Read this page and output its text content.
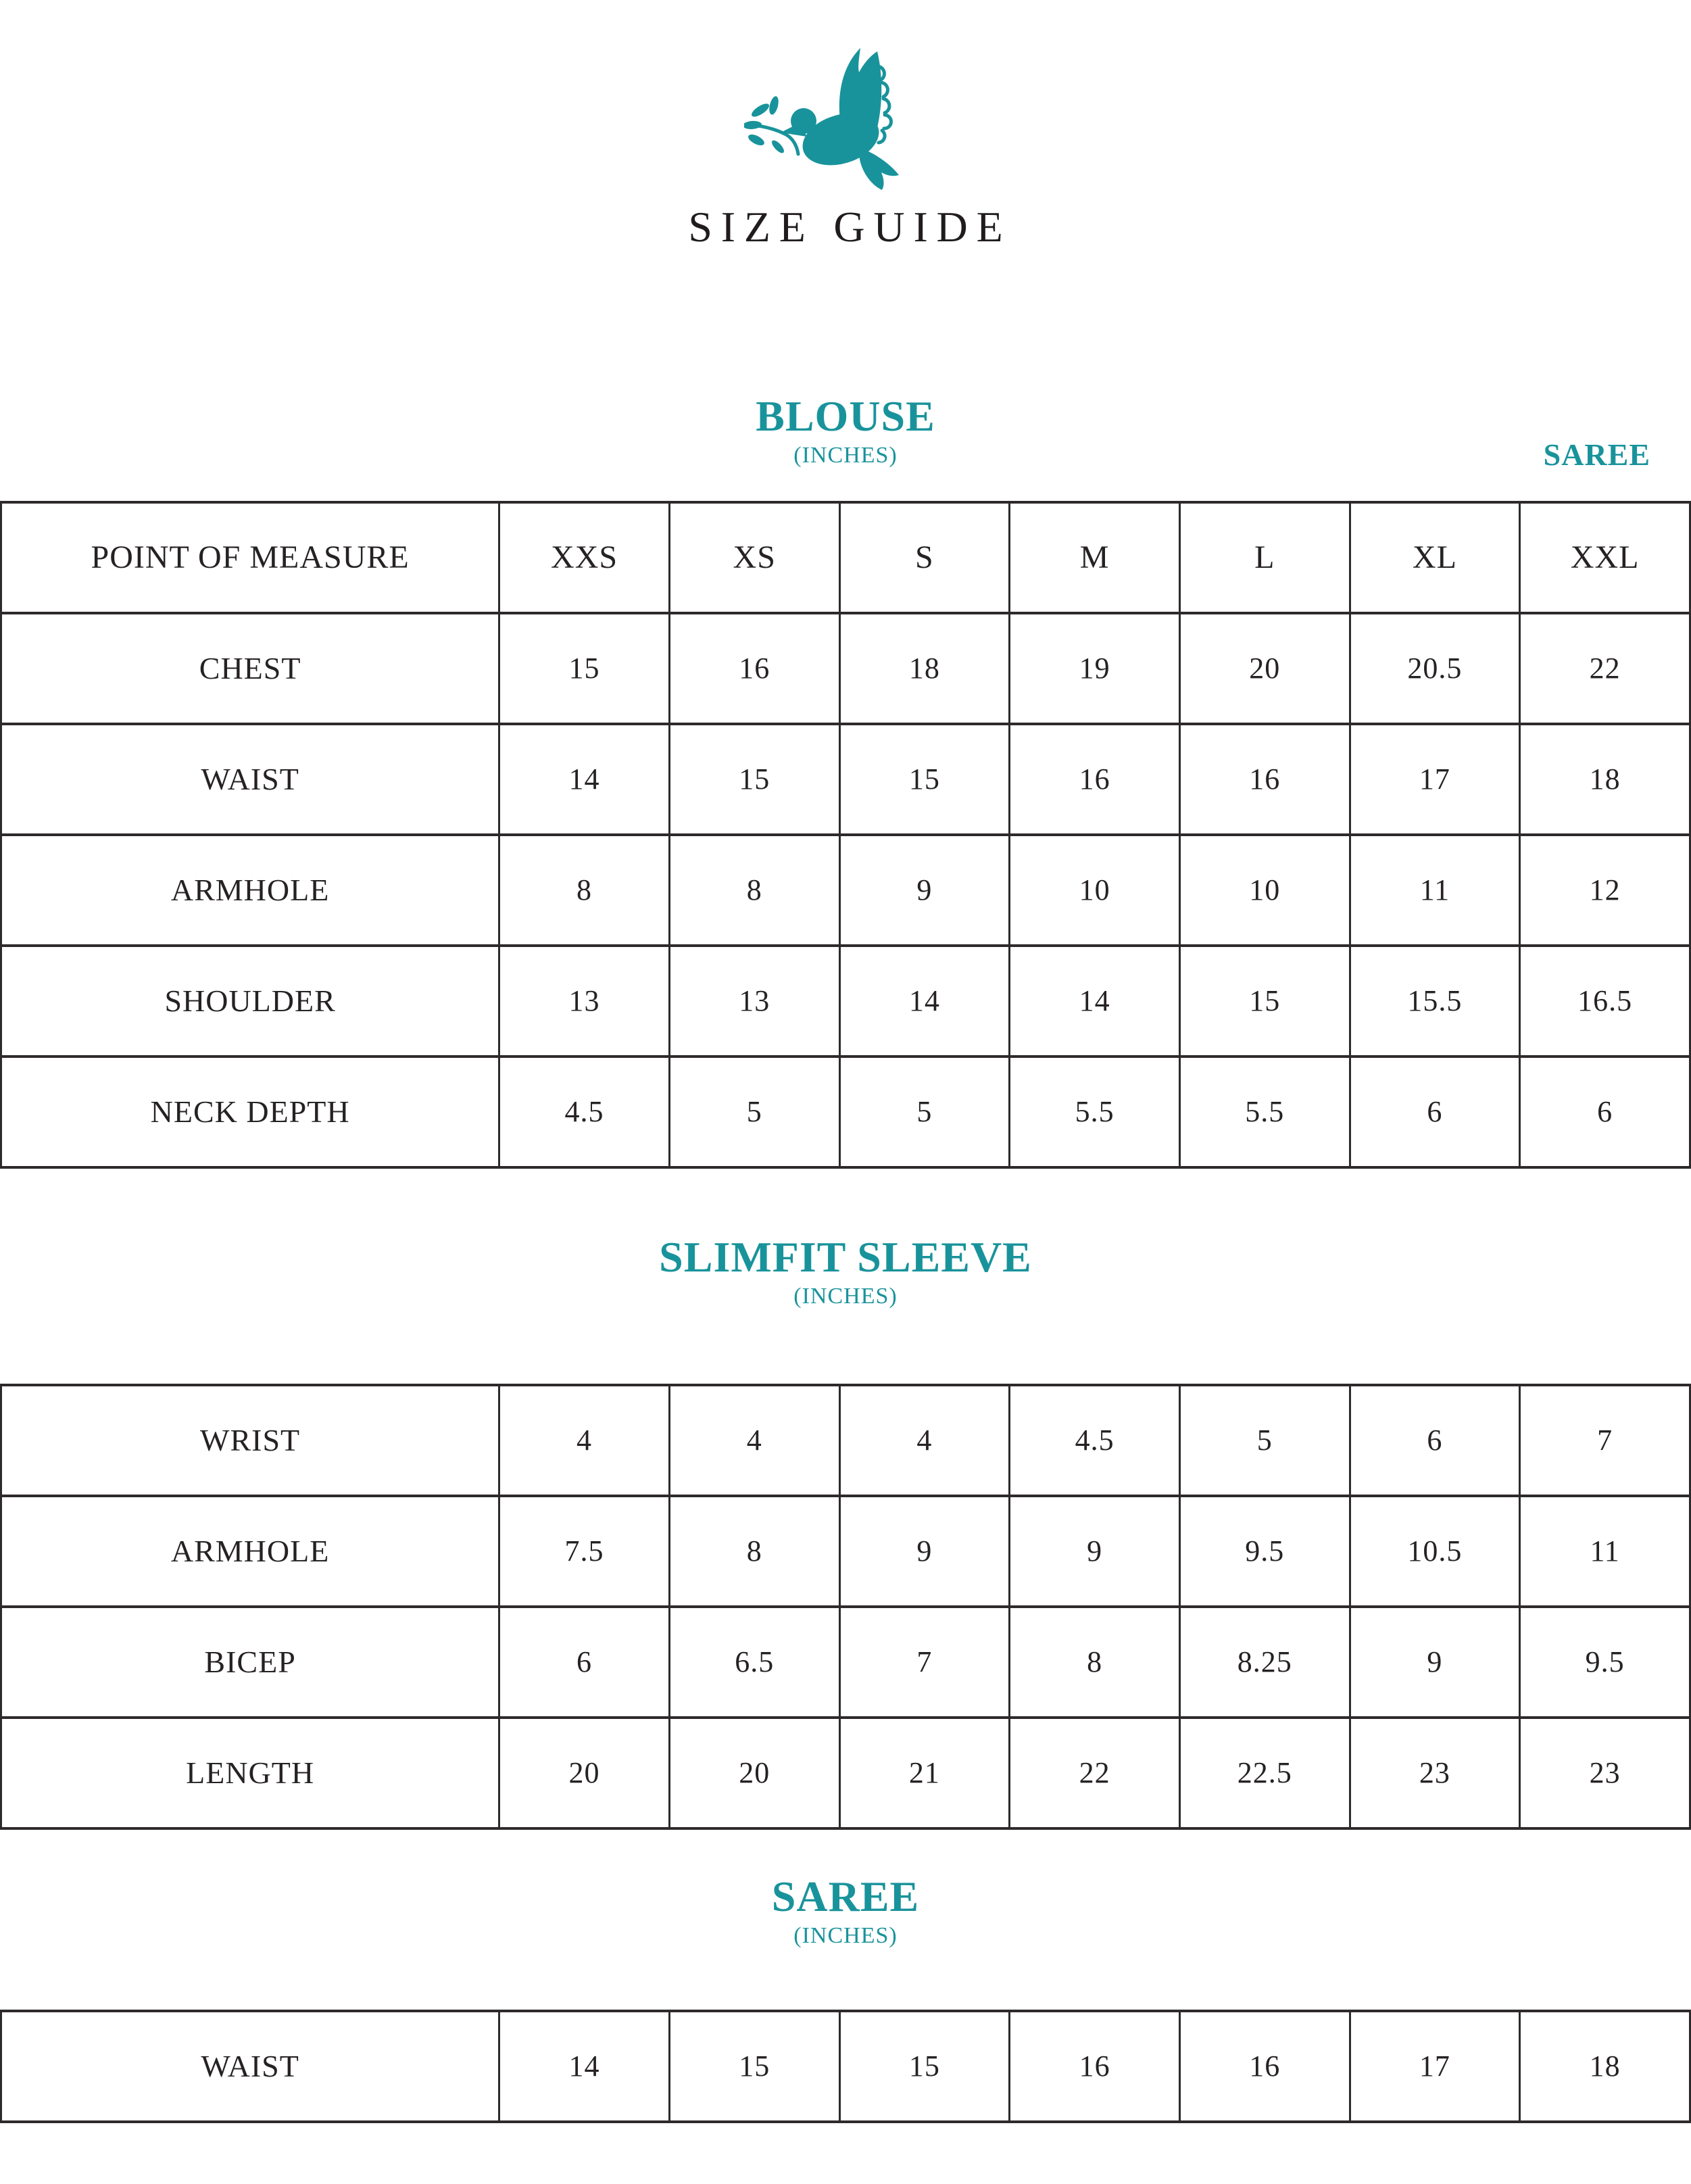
SIZE GUIDE
SAREE
BLOUSE
(INCHES)
POINT OF MEASURE	XXS	XS	S	M	L	XL	XXL
CHEST	15	16	18	19	20	20.5	22
WAIST	14	15	15	16	16	17	18
ARMHOLE	8	8	9	10	10	11	12
SHOULDER	13	13	14	14	15	15.5	16.5
NECK DEPTH	4.5	5	5	5.5	5.5	6	6
SLIMFIT SLEEVE
(INCHES)
WRIST	4	4	4	4.5	5	6	7
ARMHOLE	7.5	8	9	9	9.5	10.5	11
BICEP	6	6.5	7	8	8.25	9	9.5
LENGTH	20	20	21	22	22.5	23	23
SAREE
(INCHES)
WAIST	14	15	15	16	16	17	18
